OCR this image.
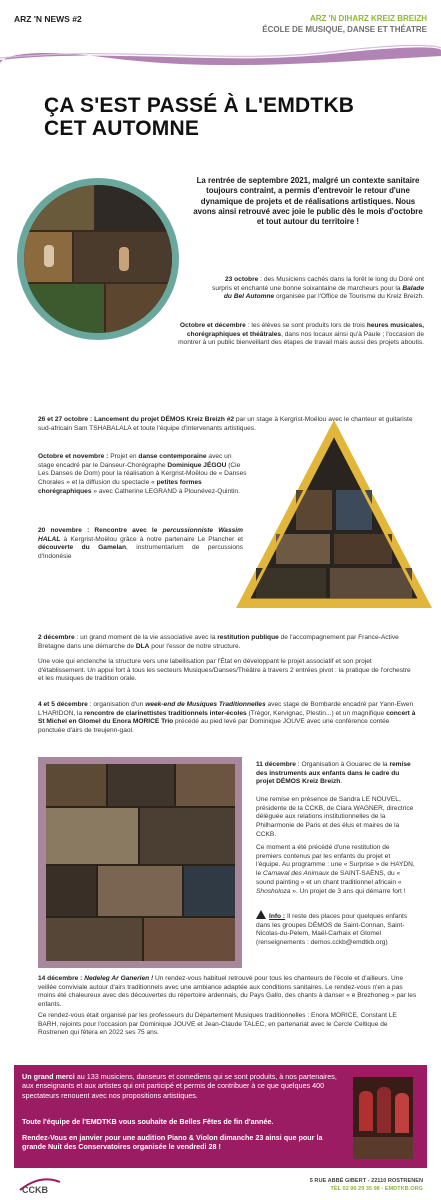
ARZ 'N NEWS #2	ARZ 'N DIHARZ KREIZ BREIZH
ÉCOLE DE MUSIQUE, DANSE ET THÉATRE
ÇA S'EST PASSÉ À L'EMDTKB
CET AUTOMNE
La rentrée de septembre 2021, malgré un contexte sanitaire toujours contraint, a permis d'entrevoir le retour d'une dynamique de projets et de réalisations artistiques. Nous avons ainsi retrouvé avec joie le public dès le mois d'octobre et tout autour du territoire !
23 octobre : des Musiciens cachés dans la forêt le long du Doré ont surpris et enchanté une bonne soixantaine de marcheurs pour la Balade du Bel Automne organisée par l'Office de Tourisme du Kreiz Breizh.
Octobre et décembre : les élèves se sont produits lors de trois heures musicales, chorégraphiques et théâtrales, dans nos locaux ainsi qu'à Paule ; l'occasion de montrer à un public bienveillant des étapes de travail mais aussi des projets aboutis.
26 et 27 octobre : Lancement du projet DÉMOS Kreiz Breizh #2 par un stage à Kergrist-Moëlou avec le chanteur et guitariste sud-africain Sam TSHABALALA et toute l'équipe d'intervenants artistiques.
Octobre et novembre : Projet en danse contemporaine avec un stage encadré par le Danseur-Chorégraphe Dominique JÉGOU (Cie Les Danses de Dom) pour la réalisation à Kergrist-Moëlou de « Danses Chorales » et la diffusion du spectacle « petites formes chorégraphiques » avec Catherine LEGRAND à Plounévez-Quintin.
20 novembre : Rencontre avec le percussionniste Wassim HALAL à Kergrist-Moëlou grâce à notre partenaire Le Plancher et découverte du Gamelan, instrumentarium de percussions d'Indonésie
2 décembre : un grand moment de la vie associative avec la restitution publique de l'accompagnement par France-Active Bretagne dans une démarche de DLA pour l'essor de notre structure.
Une voie qui enclenche la structure vers une labellisation par l'État en développant le projet associatif et son projet d'établissement. Un appui fort à tous les secteurs Musiques/Danses/Théâtre à travers 2 entrées pivot : la pratique de l'orchestre et les musiques de tradition orale.
4 et 5 décembre : organisation d'un week-end de Musiques Traditionnelles avec stage de Bombarde encadré par Yann-Ewen L'HARIDON, la rencontre de clarinettistes traditionnels inter-écoles (Trégor, Kervignac, Plestin...) et un magnifique concert à St Michel en Glomel du Enora MORICE Trio précédé au pied levé par Dominique JOUVE avec une conférence contée ponctuée d'airs de treujenn-gaol.
11 décembre : Organisation à Gouarec de la remise des instruments aux enfants dans le cadre du projet DÉMOS Kreiz Breizh.
Une remise en présence de Sandra LE NOUVEL, présidente de la CCKB, de Clara WAGNER, directrice déléguée aux relations institutionnelles de la Philharmonie de Paris et des élus et maires de la CCKB.
Ce moment a été précédé d'une restitution de premiers contenus par les enfants du projet et l'équipe. Au programme : une « Surprise » de HAYDN, le Carnaval des Animaux de SAINT-SAËNS, du « sound painting » et un chant traditionnel africain « Shosholoza ». Un projet de 3 ans qui démarre fort !
Info : Il reste des places pour quelques enfants dans les groupes DÉMOS de Saint-Connan, Saint-Nicolas-du-Pelem, Maël-Carhaix et Glomel (renseignements : demos.cckb@emdtkb.org)
14 décembre : Nedeleg Ar Ganerien ! Un rendez-vous habituel retrouvé pour tous les chanteurs de l'école et d'ailleurs. Une veillée conviviale autour d'airs traditionnels avec une ambiance adaptée aux conditions sanitaires. Le rendez-vous n'en a pas moins été chaleureux avec des découvertes du répertoire ardennais, du Pays Gallo, des chants à danser « e Brezhoneg » par les enfants.
Ce rendez-vous était organisé par les professeurs du Département Musiques traditionnelles : Enora MORICE, Constant LE BARH, rejoints pour l'occasion par Dominique JOUVE et Jean-Claude TALEC, en partenariat avec le Cercle Celtique de Rostrenen qui fêtera en 2022 ses 75 ans.
Un grand merci au 133 musiciens, danseurs et comediens qui se sont produits, à nos partenaires, aux enseignants et aux artistes qui ont participé et permis de contribuer à ce que quelques 400 spectateurs renouent avec nos propositions artistiques.
Toute l'équipe de l'EMDTKB vous souhaite de Belles Fêtes de fin d'année.
Rendez-Vous en janvier pour une audition Piano & Violon dimanche 23 ainsi que pour la grande Nuit des Conservatoires organisée le vendredi 28 !
CCKB
5 RUE ABBÉ GIBERT - 22110 ROSTRENEN
TÉL 02 96 29 35 98 - EMDTKB.ORG
